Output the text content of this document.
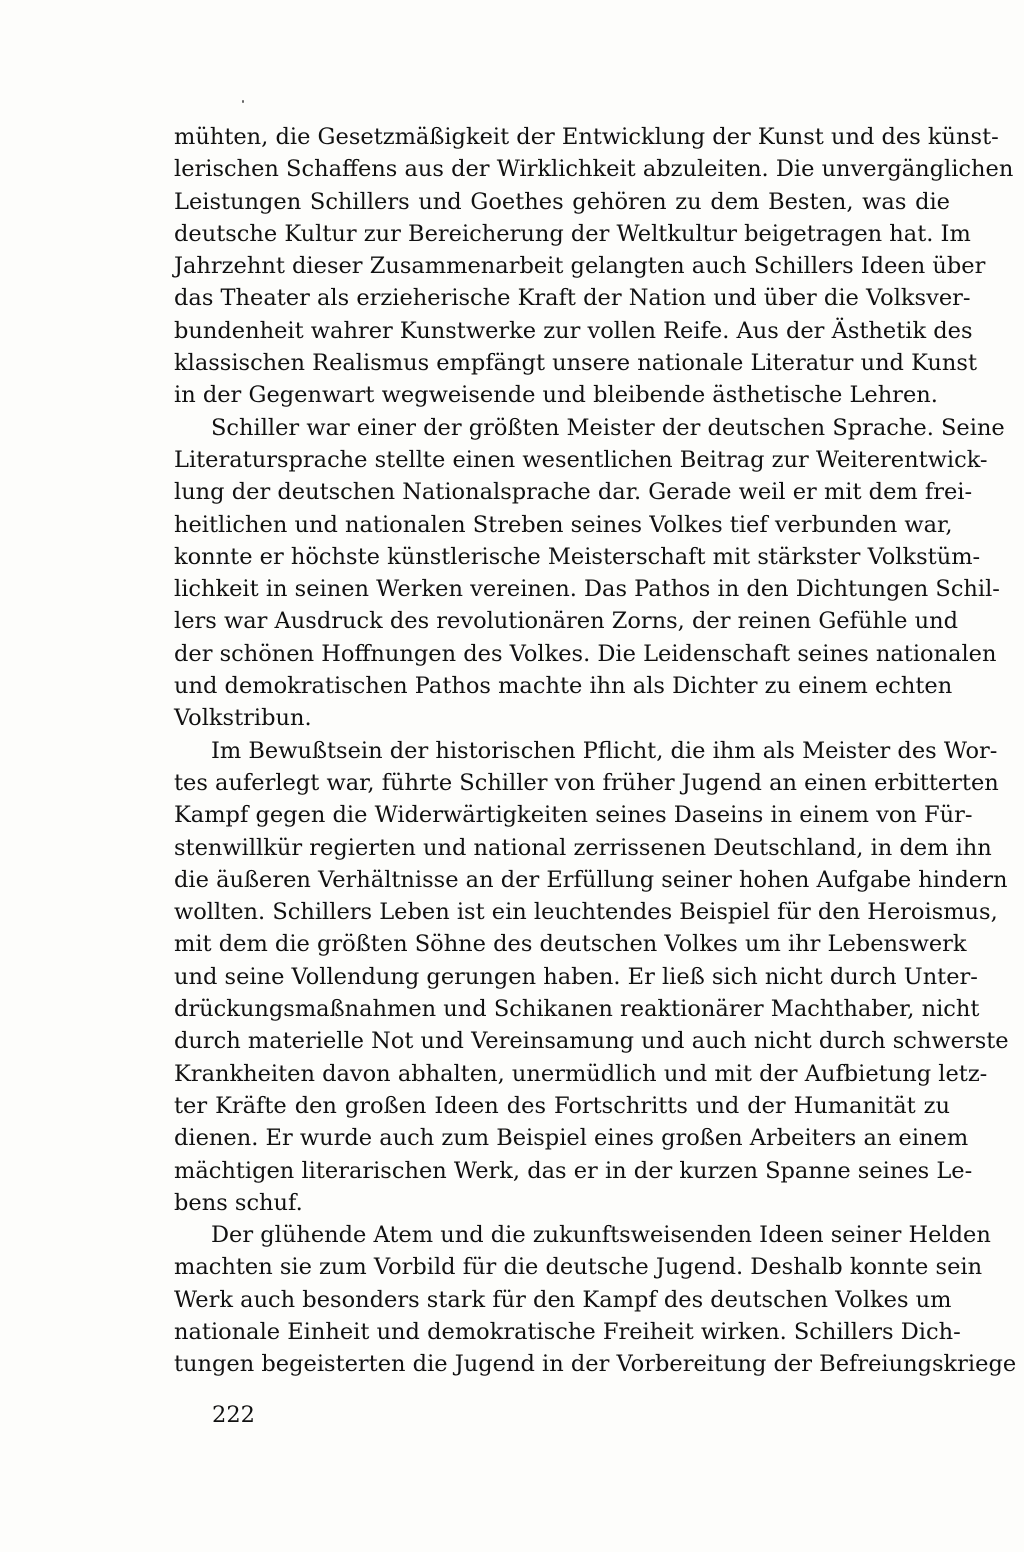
mühten, die Gesetzmäßigkeit der Entwicklung der Kunst und des künst-
lerischen Schaffens aus der Wirklichkeit abzuleiten. Die unvergänglichen
Leistungen Schillers und Goethes gehören zu dem Besten, was die
deutsche Kultur zur Bereicherung der Weltkultur beigetragen hat. Im
Jahrzehnt dieser Zusammenarbeit gelangten auch Schillers Ideen über
das Theater als erzieherische Kraft der Nation und über die Volksver-
bundenheit wahrer Kunstwerke zur vollen Reife. Aus der Ästhetik des
klassischen Realismus empfängt unsere nationale Literatur und Kunst
in der Gegenwart wegweisende und bleibende ästhetische Lehren.
Schiller war einer der größten Meister der deutschen Sprache. Seine
Literatursprache stellte einen wesentlichen Beitrag zur Weiterentwick-
lung der deutschen Nationalsprache dar. Gerade weil er mit dem frei-
heitlichen und nationalen Streben seines Volkes tief verbunden war,
konnte er höchste künstlerische Meisterschaft mit stärkster Volkstüm-
lichkeit in seinen Werken vereinen. Das Pathos in den Dichtungen Schil-
lers war Ausdruck des revolutionären Zorns, der reinen Gefühle und
der schönen Hoffnungen des Volkes. Die Leidenschaft seines nationalen
und demokratischen Pathos machte ihn als Dichter zu einem echten
Volkstribun.
Im Bewußtsein der historischen Pflicht, die ihm als Meister des Wor-
tes auferlegt war, führte Schiller von früher Jugend an einen erbitterten
Kampf gegen die Widerwärtigkeiten seines Daseins in einem von Für-
stenwillkür regierten und national zerrissenen Deutschland, in dem ihn
die äußeren Verhältnisse an der Erfüllung seiner hohen Aufgabe hindern
wollten. Schillers Leben ist ein leuchtendes Beispiel für den Heroismus,
mit dem die größten Söhne des deutschen Volkes um ihr Lebenswerk
und seine Vollendung gerungen haben. Er ließ sich nicht durch Unter-
drückungsmaßnahmen und Schikanen reaktionärer Machthaber, nicht
durch materielle Not und Vereinsamung und auch nicht durch schwerste
Krankheiten davon abhalten, unermüdlich und mit der Aufbietung letz-
ter Kräfte den großen Ideen des Fortschritts und der Humanität zu
dienen. Er wurde auch zum Beispiel eines großen Arbeiters an einem
mächtigen literarischen Werk, das er in der kurzen Spanne seines Le-
bens schuf.
Der glühende Atem und die zukunftsweisenden Ideen seiner Helden
machten sie zum Vorbild für die deutsche Jugend. Deshalb konnte sein
Werk auch besonders stark für den Kampf des deutschen Volkes um
nationale Einheit und demokratische Freiheit wirken. Schillers Dich-
tungen begeisterten die Jugend in der Vorbereitung der Befreiungskriege
222
